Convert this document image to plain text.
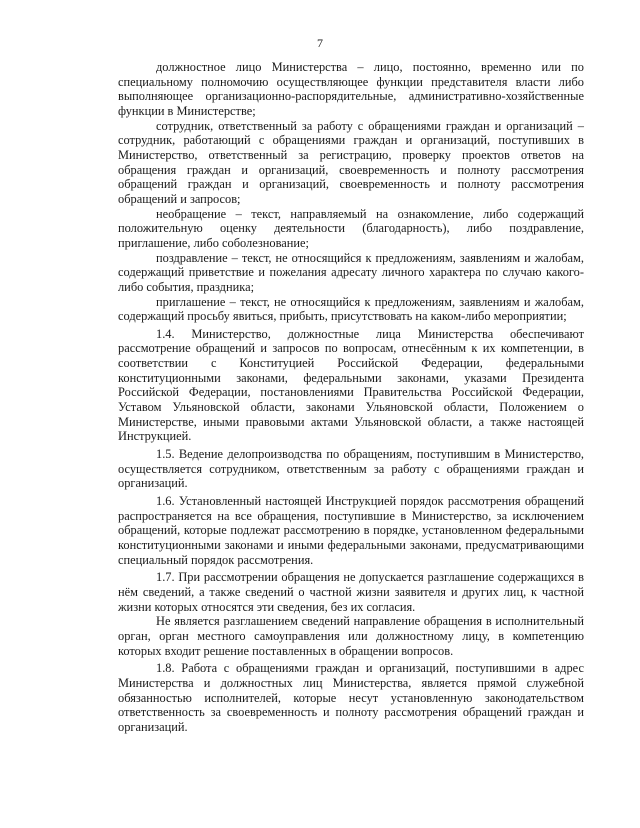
7

должностное лицо Министерства – лицо, постоянно, временно или по специальному полномочию осуществляющее функции представителя власти либо выполняющее организационно-распорядительные, административно-хозяйственные функции в Министерстве;

сотрудник, ответственный за работу с обращениями граждан и организаций – сотрудник, работающий с обращениями граждан и организаций, поступивших в Министерство, ответственный за регистрацию, проверку проектов ответов на обращения граждан и организаций, своевременность и полноту рассмотрения обращений граждан и организаций, своевременность и полноту рассмотрения обращений и запросов;

необращение – текст, направляемый на ознакомление, либо содержащий положительную оценку деятельности (благодарность), либо поздравление, приглашение, либо соболезнование;

поздравление – текст, не относящийся к предложениям, заявлениям и жалобам, содержащий приветствие и пожелания адресату личного характера по случаю какого-либо события, праздника;

приглашение – текст, не относящийся к предложениям, заявлениям и жалобам, содержащий просьбу явиться, прибыть, присутствовать на каком-либо мероприятии;

1.4. Министерство, должностные лица Министерства обеспечивают рассмотрение обращений и запросов по вопросам, отнесённым к их компетенции, в соответствии с Конституцией Российской Федерации, федеральными конституционными законами, федеральными законами, указами Президента Российской Федерации, постановлениями Правительства Российской Федерации, Уставом Ульяновской области, законами Ульяновской области, Положением о Министерстве, иными правовыми актами Ульяновской области, а также настоящей Инструкцией.

1.5. Ведение делопроизводства по обращениям, поступившим в Министерство, осуществляется сотрудником, ответственным за работу с обращениями граждан и организаций.

1.6. Установленный настоящей Инструкцией порядок рассмотрения обращений распространяется на все обращения, поступившие в Министерство, за исключением обращений, которые подлежат рассмотрению в порядке, установленном федеральными конституционными законами и иными федеральными законами, предусматривающими специальный порядок рассмотрения.

1.7. При рассмотрении обращения не допускается разглашение содержащихся в нём сведений, а также сведений о частной жизни заявителя и других лиц, к частной жизни которых относятся эти сведения, без их согласия.

Не является разглашением сведений направление обращения в исполнительный орган, орган местного самоуправления или должностному лицу, в компетенцию которых входит решение поставленных в обращении вопросов.

1.8. Работа с обращениями граждан и организаций, поступившими в адрес Министерства и должностных лиц Министерства, является прямой служебной обязанностью исполнителей, которые несут установленную законодательством ответственность за своевременность и полноту рассмотрения обращений граждан и организаций.
